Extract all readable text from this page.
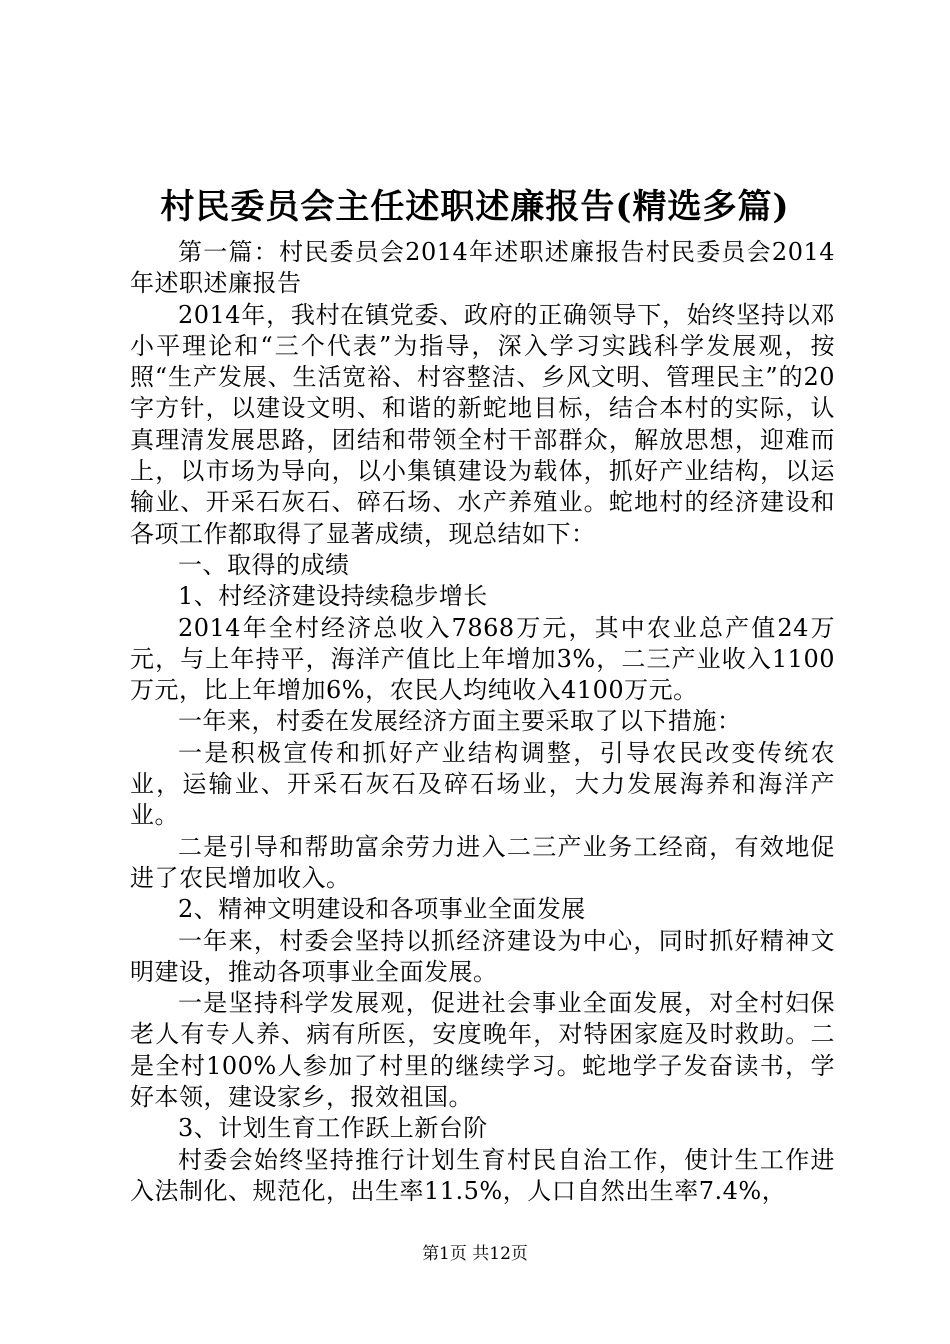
村民委员会主任述职述廉报告(精选多篇)

第一篇：村民委员会2014年述职述廉报告村民委员会2014年述职述廉报告

2014年，我村在镇党委、政府的正确领导下，始终坚持以邓小平理论和“三个代表”为指导，深入学习实践科学发展观，按照“生产发展、生活宽裕、村容整洁、乡风文明、管理民主”的20字方针，以建设文明、和谐的新蛇地目标，结合本村的实际，认真理清发展思路，团结和带领全村干部群众，解放思想，迎难而上，以市场为导向，以小集镇建设为载体，抓好产业结构，以运输业、开采石灰石、碎石场、水产养殖业。蛇地村的经济建设和各项工作都取得了显著成绩，现总结如下：

一、取得的成绩

1、村经济建设持续稳步增长

2014年全村经济总收入7868万元，其中农业总产值24万元，与上年持平，海洋产值比上年增加3%，二三产业收入1100万元，比上年增加6%，农民人均纯收入4100万元。

一年来，村委在发展经济方面主要采取了以下措施：

一是积极宣传和抓好产业结构调整，引导农民改变传统农业，运输业、开采石灰石及碎石场业，大力发展海养和海洋产业。

二是引导和帮助富余劳力进入二三产业务工经商，有效地促进了农民增加收入。

2、精神文明建设和各项事业全面发展

一年来，村委会坚持以抓经济建设为中心，同时抓好精神文明建设，推动各项事业全面发展。

一是坚持科学发展观，促进社会事业全面发展，对全村妇保老人有专人养、病有所医，安度晚年，对特困家庭及时救助。二是全村100%人参加了村里的继续学习。蛇地学子发奋读书，学好本领，建设家乡，报效祖国。

3、计划生育工作跃上新台阶

村委会始终坚持推行计划生育村民自治工作，使计生工作进入法制化、规范化，出生率11.5%，人口自然出生率7.4%，

第1页 共12页
